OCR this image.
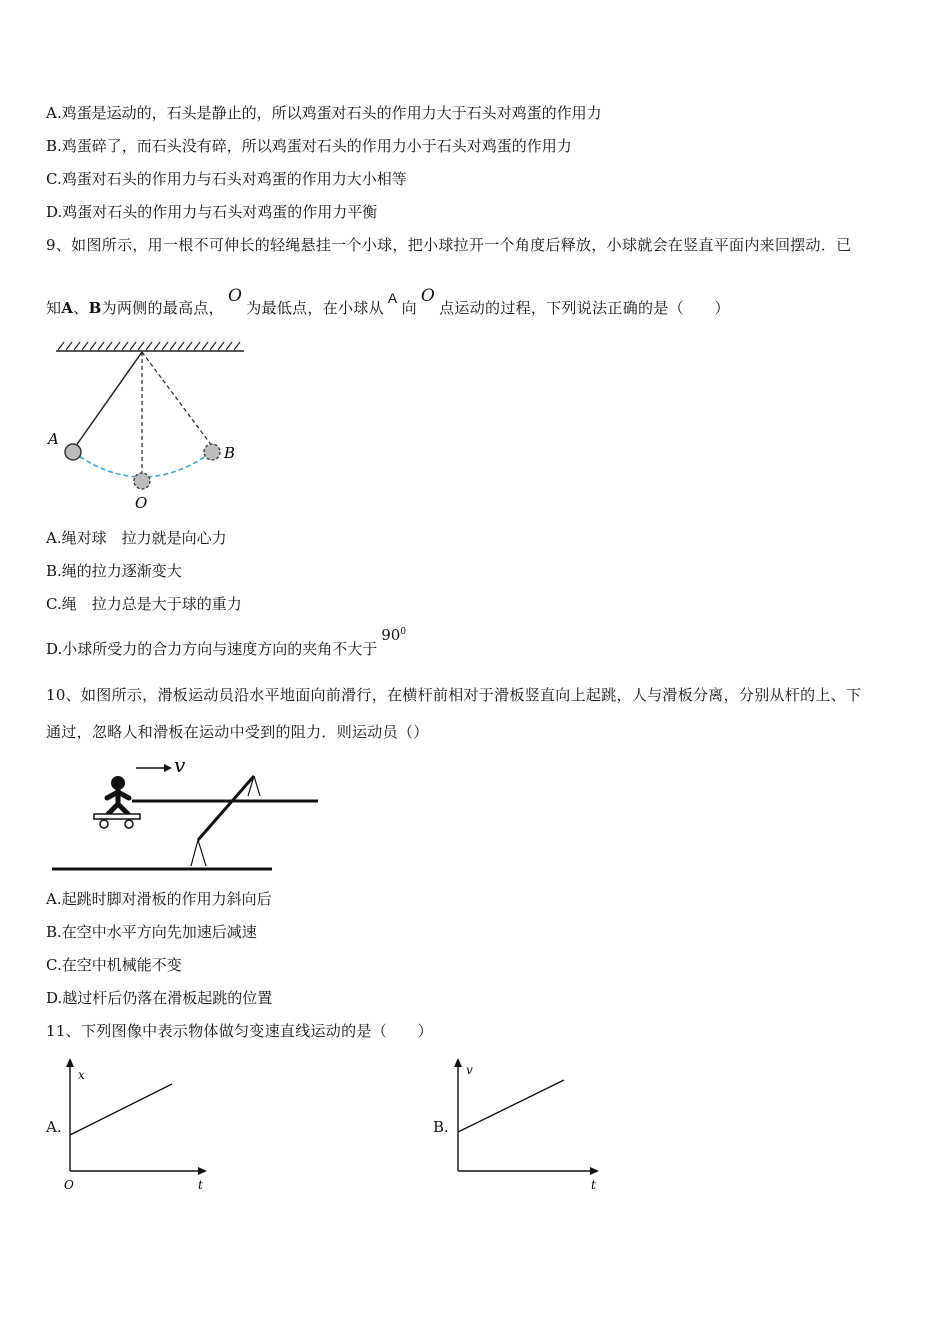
A.鸡蛋是运动的，石头是静止的，所以鸡蛋对石头的作用力大于石头对鸡蛋的作用力
B.鸡蛋碎了，而石头没有碎，所以鸡蛋对石头的作用力小于石头对鸡蛋的作用力
C.鸡蛋对石头的作用力与石头对鸡蛋的作用力大小相等
D.鸡蛋对石头的作用力与石头对鸡蛋的作用力平衡
9、如图所示，用一根不可伸长的轻绳悬挂一个小球，把小球拉开一个角度后释放，小球就会在竖直平面内来回摆动．已
知A、B为两侧的最高点，O为最低点，在小球从A向O点运动的过程，下列说法正确的是（　　）
A
B
O
A.绳对球　拉力就是向心力
B.绳的拉力逐渐变大
C.绳　拉力总是大于球的重力
D.小球所受力的合力方向与速度方向的夹角不大于$90^0$
10、如图所示，滑板运动员沿水平地面向前滑行，在横杆前相对于滑板竖直向上起跳，人与滑板分离，分别从杆的上、下
通过，忽略人和滑板在运动中受到的阻力．则运动员（）
v
A.起跳时脚对滑板的作用力斜向后
B.在空中水平方向先加速后减速
C.在空中机械能不变
D.越过杆后仍落在滑板起跳的位置
11、下列图像中表示物体做匀变速直线运动的是（　　）
A.
x
t
O
B.
v
t
